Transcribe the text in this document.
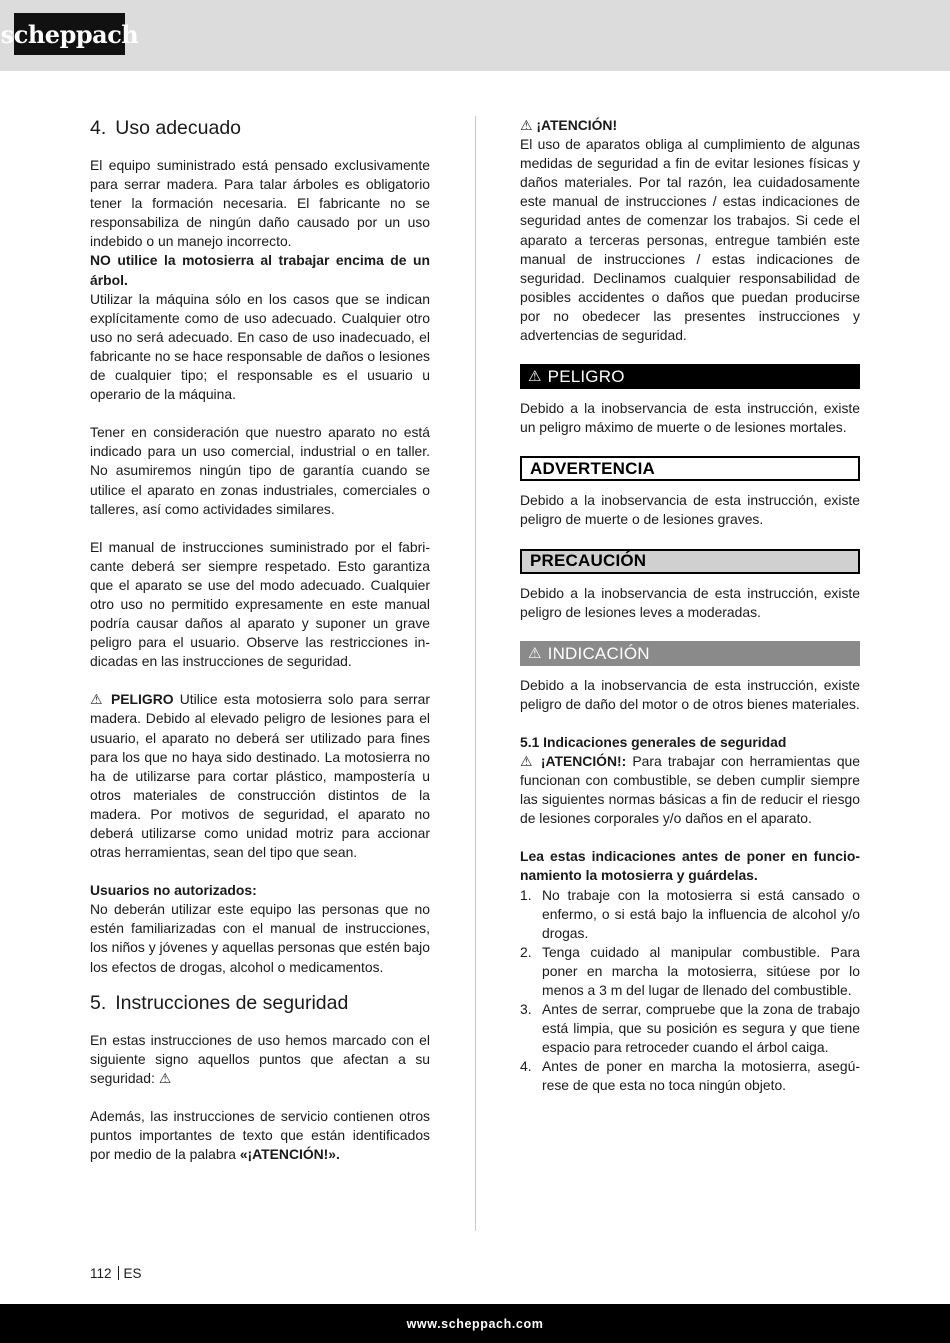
scheppach
4. Uso adecuado

El equipo suministrado está pensado exclusivamente para serrar madera. Para talar árboles es obligatorio tener la formación necesaria. El fabricante no se responsabiliza de ningún daño causado por un uso indebido o un manejo incorrecto.

NO utilice la motosierra al trabajar encima de un árbol.

Utilizar la máquina sólo en los casos que se indican explícitamente como de uso adecuado. Cualquier otro uso no será adecuado. En caso de uso inadecuado, el fabricante no se hace responsable de daños o lesiones de cualquier tipo; el responsable es el usuario u operario de la máquina.

Tener en consideración que nuestro aparato no está indicado para un uso comercial, industrial o en taller. No asumiremos ningún tipo de garantía cuando se utilice el aparato en zonas industriales, comerciales o talleres, así como actividades similares.

El manual de instrucciones suministrado por el fabricante deberá ser siempre respetado. Esto garantiza que el aparato se use del modo adecuado. Cualquier otro uso no permitido expresamente en este manual podría causar daños al aparato y suponer un grave peligro para el usuario. Observe las restricciones indicadas en las instrucciones de seguridad.

⚠ PELIGRO Utilice esta motosierra solo para serrar madera. Debido al elevado peligro de lesiones para el usuario, el aparato no deberá ser utilizado para fines para los que no haya sido destinado. La motosierra no ha de utilizarse para cortar plástico, mampostería u otros materiales de construcción distintos de la madera. Por motivos de seguridad, el aparato no deberá utilizarse como unidad motriz para accionar otras herramientas, sean del tipo que sean.

Usuarios no autorizados:

No deberán utilizar este equipo las personas que no estén familiarizadas con el manual de instrucciones, los niños y jóvenes y aquellas personas que estén bajo los efectos de drogas, alcohol o medicamentos.

5. Instrucciones de seguridad

En estas instrucciones de uso hemos marcado con el siguiente signo aquellos puntos que afectan a su seguridad: ⚠

Además, las instrucciones de servicio contienen otros puntos importantes de texto que están identificados por medio de la palabra «¡ATENCIÓN!».

⚠ ¡ATENCIÓN!

El uso de aparatos obliga al cumplimiento de algunas medidas de seguridad a fin de evitar lesiones físicas y daños materiales. Por tal razón, lea cuidadosamente este manual de instrucciones / estas indicaciones de seguridad antes de comenzar los trabajos. Si cede el aparato a terceras personas, entregue también este manual de instrucciones / estas indicaciones de seguridad. Declinamos cualquier responsabilidad de posibles accidentes o daños que puedan producirse por no obedecer las presentes instrucciones y advertencias de seguridad.

⚠ PELIGRO

Debido a la inobservancia de esta instrucción, existe un peligro máximo de muerte o de lesiones mortales.

ADVERTENCIA

Debido a la inobservancia de esta instrucción, existe peligro de muerte o de lesiones graves.

PRECAUCIÓN

Debido a la inobservancia de esta instrucción, existe peligro de lesiones leves a moderadas.

⚠ INDICACIÓN

Debido a la inobservancia de esta instrucción, existe peligro de daño del motor o de otros bienes materiales.

5.1 Indicaciones generales de seguridad

⚠ ¡ATENCIÓN!: Para trabajar con herramientas que funcionan con combustible, se deben cumplir siempre las siguientes normas básicas a fin de reducir el riesgo de lesiones corporales y/o daños en el aparato.

Lea estas indicaciones antes de poner en funcionamiento la motosierra y guárdelas.

1. No trabaje con la motosierra si está cansado o enfermo, o si está bajo la influencia de alcohol y/o drogas.
2. Tenga cuidado al manipular combustible. Para poner en marcha la motosierra, sitúese por lo menos a 3 m del lugar de llenado del combustible.
3. Antes de serrar, compruebe que la zona de trabajo está limpia, que su posición es segura y que tiene espacio para retroceder cuando el árbol caiga.
4. Antes de poner en marcha la motosierra, asegúrese de que esta no toca ningún objeto.
112 ES
www.scheppach.com
